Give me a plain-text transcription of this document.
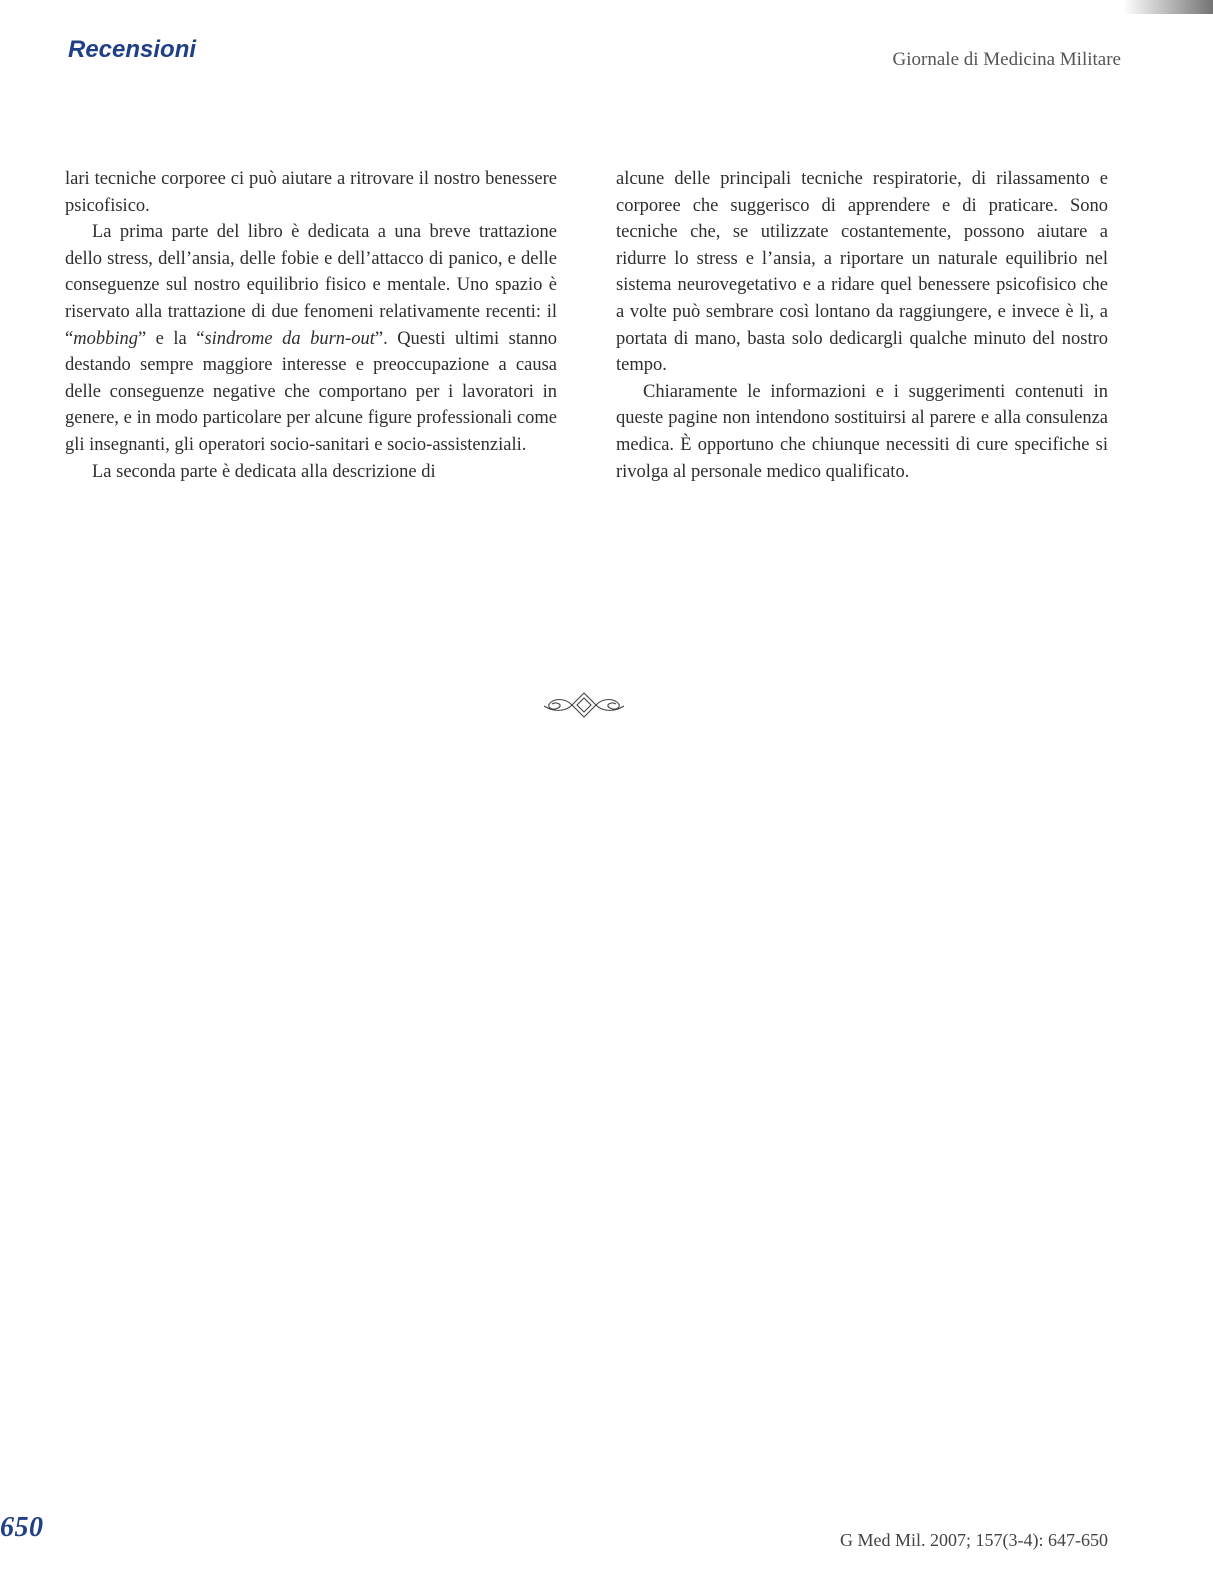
Recensioni	Giornale di Medicina Militare

lari tecniche corporee ci può aiutare a ritrovare il nostro benessere psicofisico.

La prima parte del libro è dedicata a una breve trattazione dello stress, dell’ansia, delle fobie e dell’attacco di panico, e delle conseguenze sul nostro equilibrio fisico e mentale. Uno spazio è riservato alla trattazione di due fenomeni relativamente recenti: il “mobbing” e la “sindrome da burn-out”. Questi ultimi stanno destando sempre maggiore interesse e preoccupazione a causa delle conseguenze negative che comportano per i lavoratori in genere, e in modo particolare per alcune figure professionali come gli insegnanti, gli operatori socio-sanitari e socio-assistenziali.

La seconda parte è dedicata alla descrizione di

alcune delle principali tecniche respiratorie, di rilassamento e corporee che suggerisco di apprendere e di praticare. Sono tecniche che, se utilizzate costantemente, possono aiutare a ridurre lo stress e l’ansia, a riportare un naturale equilibrio nel sistema neurovegetativo e a ridare quel benessere psicofisico che a volte può sembrare così lontano da raggiungere, e invece è lì, a portata di mano, basta solo dedicargli qualche minuto del nostro tempo.

Chiaramente le informazioni e i suggerimenti contenuti in queste pagine non intendono sostituirsi al parere e alla consulenza medica. È opportuno che chiunque necessiti di cure specifiche si rivolga al personale medico qualificato.

650	G Med Mil. 2007; 157(3-4): 647-650
